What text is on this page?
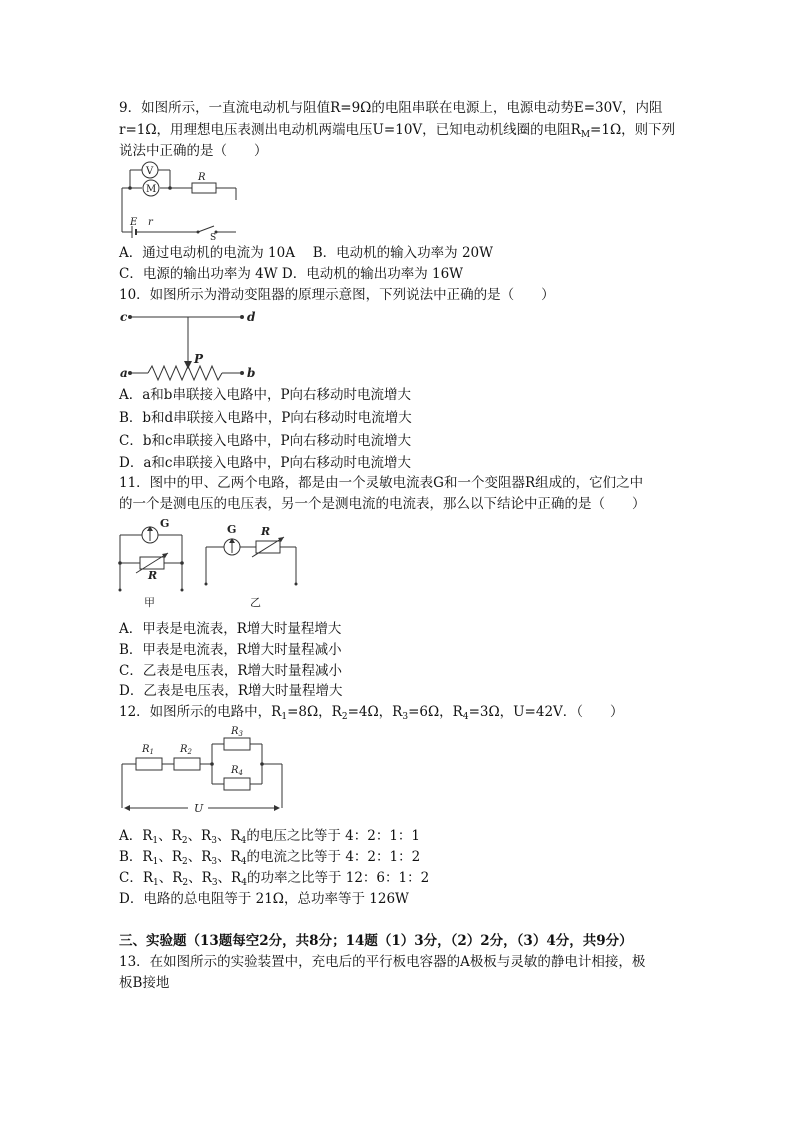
9．如图所示，一直流电动机与阻值R=9Ω的电阻串联在电源上，电源电动势E=30V，内阻
r=1Ω，用理想电压表测出电动机两端电压U=10V，已知电动机线圈的电阻$R_M=1\Omega$，则下列
说法中正确的是（　　）
V
M
R
E r
S
A．通过电动机的电流为 10A　 B．电动机的输入功率为 20W
C．电源的输出功率为 4W D．电动机的输出功率为 16W
10．如图所示为滑动变阻器的原理示意图，下列说法中正确的是（　　）
c	d
a	b
P
A．a和b串联接入电路中，P向右移动时电流增大
B．b和d串联接入电路中，P向右移动时电流增大
C．b和c串联接入电路中，P向右移动时电流增大
D．a和c串联接入电路中，P向右移动时电流增大
11．图中的甲、乙两个电路，都是由一个灵敏电流表G和一个变阻器R组成的，它们之中
的一个是测电压的电压表，另一个是测电流的电流表，那么以下结论中正确的是（　　）
G
R
G R
甲	乙
A．甲表是电流表，R增大时量程增大
B．甲表是电流表，R增大时量程减小
C．乙表是电压表，R增大时量程减小
D．乙表是电压表，R增大时量程增大
12．如图所示的电路中，$R_1=8\Omega$，$R_2=4\Omega$，$R_3=6\Omega$，$R_4=3\Omega$，U=42V．（　　）
$R_1$	$R_2$
$R_3$
$R_4$
U
A．$R_1$、$R_2$、$R_3$、$R_4$的电压之比等于 4：2：1：1
B．$R_1$、$R_2$、$R_3$、$R_4$的电流之比等于 4：2：1：2
C．$R_1$、$R_2$、$R_3$、$R_4$的功率之比等于 12：6：1：2
D．电路的总电阻等于 21Ω，总功率等于 126W
三、实验题（13题每空2分，共8分；14题（1）3分，（2）2分，（3）4分，共9分）
13．在如图所示的实验装置中，充电后的平行板电容器的A极板与灵敏的静电计相接，极
板B接地
